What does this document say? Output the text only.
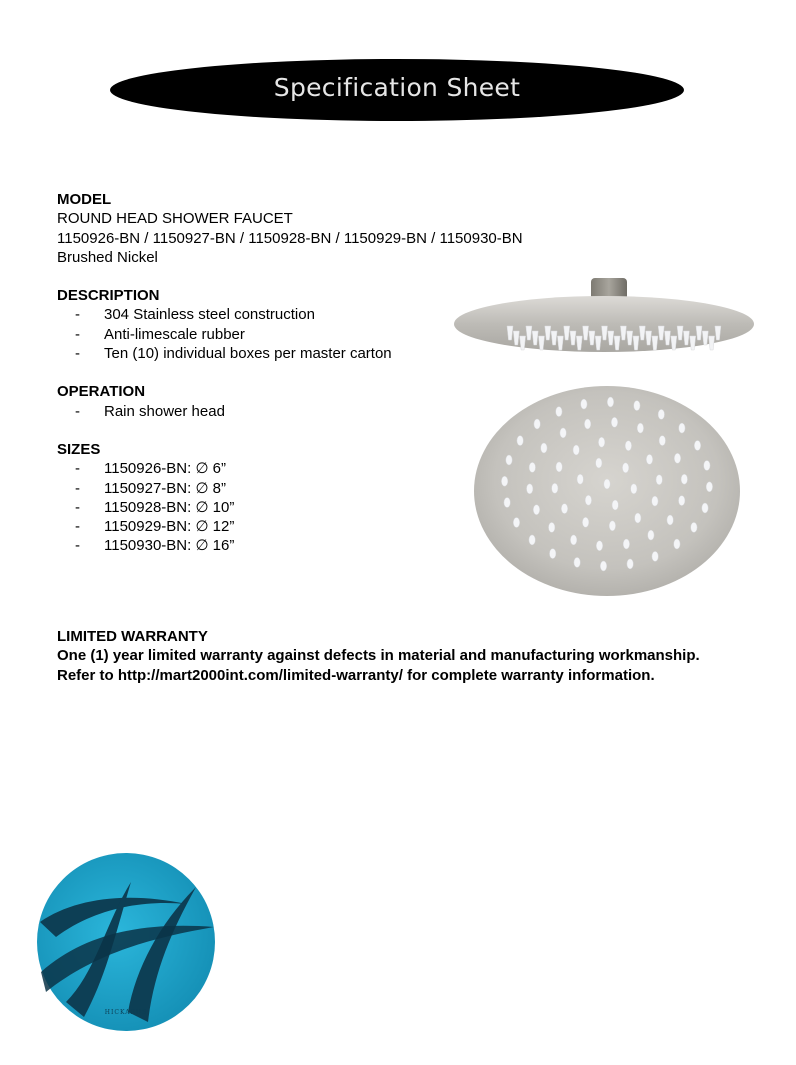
Specification Sheet
MODEL
ROUND HEAD SHOWER FAUCET
1150926-BN / 1150927-BN / 1150928-BN / 1150929-BN / 1150930-BN
Brushed Nickel
DESCRIPTION
- 304 Stainless steel construction
- Anti-limescale rubber
- Ten (10) individual boxes per master carton
OPERATION
- Rain shower head
SIZES
- 1150926-BN: ∅ 6”
- 1150927-BN: ∅ 8”
- 1150928-BN: ∅ 10”
- 1150929-BN: ∅ 12”
- 1150930-BN: ∅ 16”
LIMITED WARRANTY
One (1) year limited warranty against defects in material and manufacturing workmanship.
Refer to http://mart2000int.com/limited-warranty/ for complete warranty information.
HICKARUS
